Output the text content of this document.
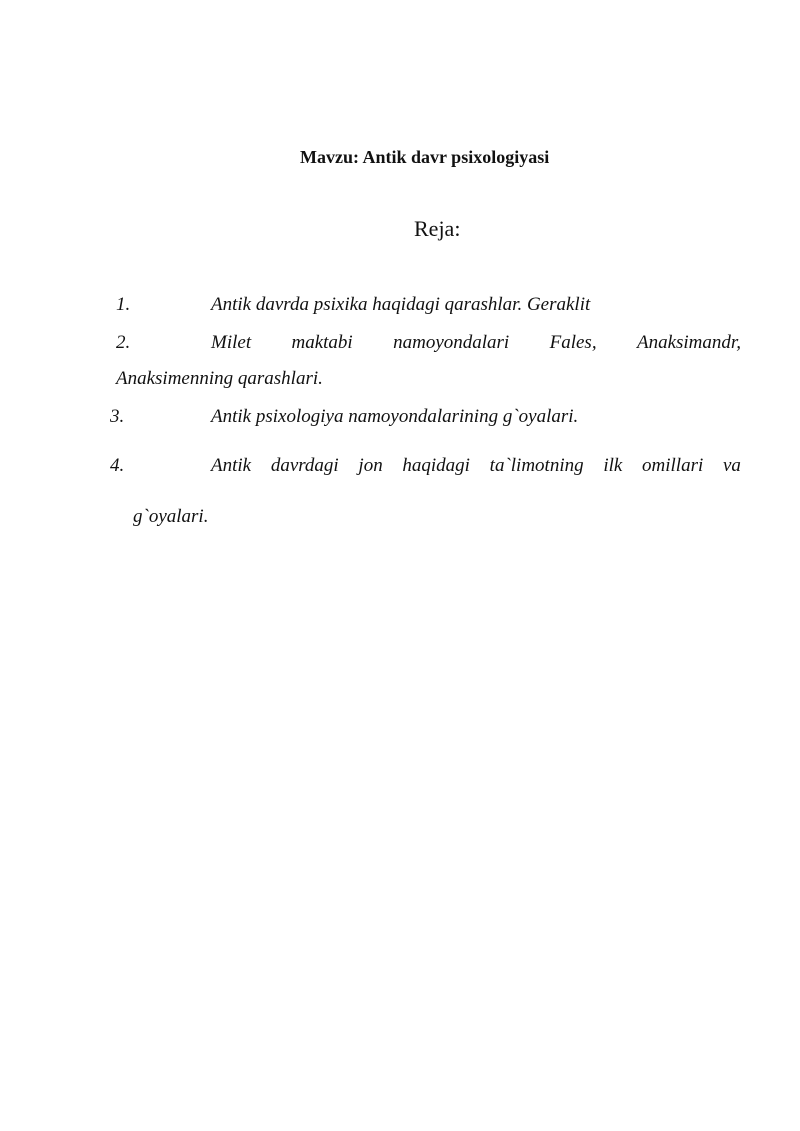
Mavzu: Antik davr psixologiyasi
Reja:
1.	Antik davrda psixika haqidagi qarashlar. Geraklit
2.	Milet maktabi namoyondalari Fales, Anaksimandr,
Anaksimenning qarashlari.
3.	Antik psixologiya namoyondalarining g`oyalari.
4.	Antik davrdagi jon haqidagi ta`limotning ilk omillari va
g`oyalari.
